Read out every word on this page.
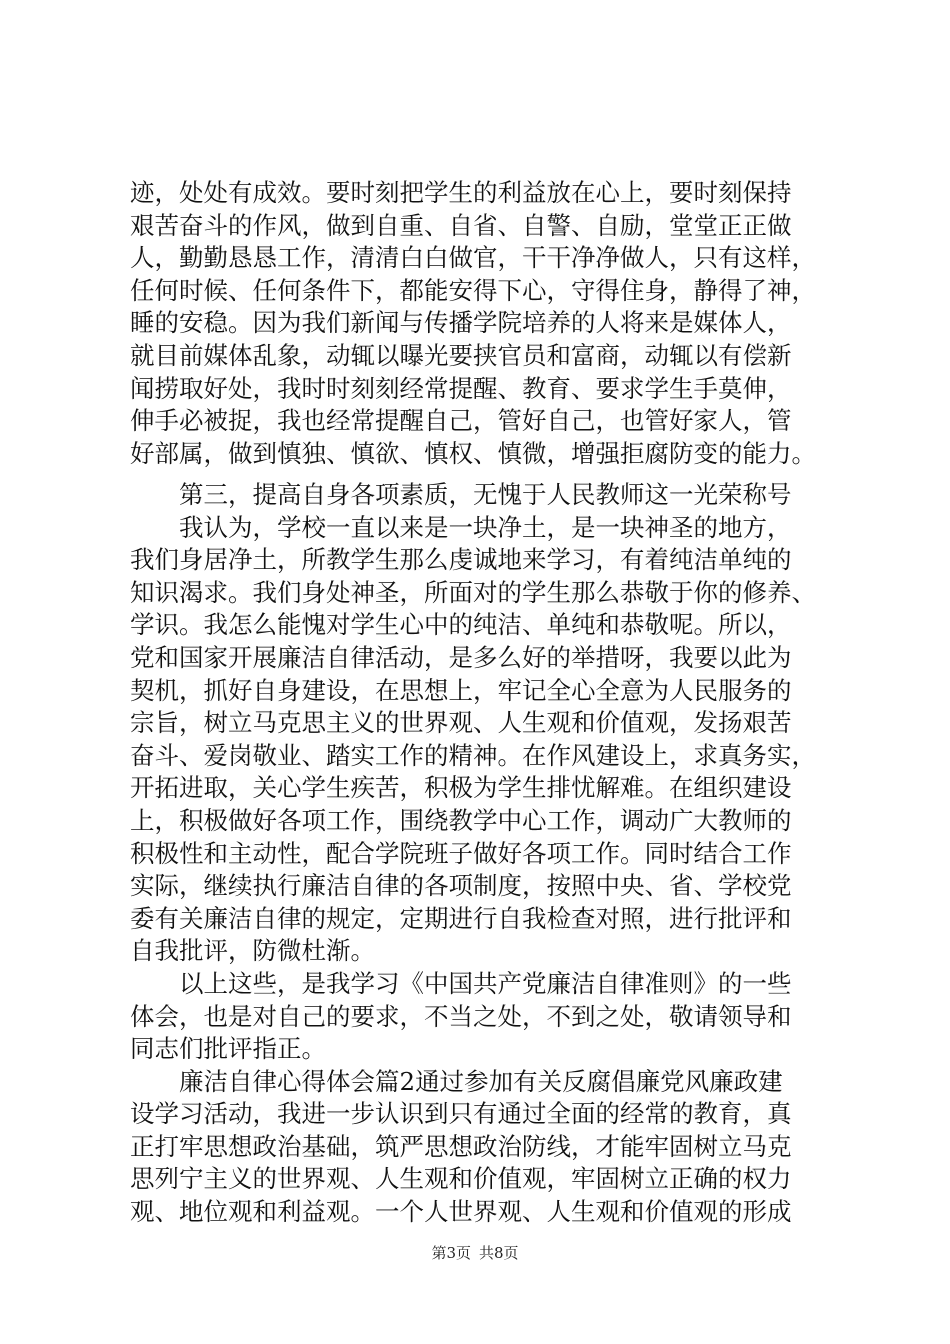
迹，处处有成效。要时刻把学生的利益放在心上，要时刻保持
艰苦奋斗的作风，做到自重、自省、自警、自励，堂堂正正做
人，勤勤恳恳工作，清清白白做官，干干净净做人，只有这样，
任何时候、任何条件下，都能安得下心，守得住身，静得了神，
睡的安稳。因为我们新闻与传播学院培养的人将来是媒体人，
就目前媒体乱象，动辄以曝光要挟官员和富商，动辄以有偿新
闻捞取好处，我时时刻刻经常提醒、教育、要求学生手莫伸，
伸手必被捉，我也经常提醒自己，管好自己，也管好家人，管
好部属，做到慎独、慎欲、慎权、慎微，增强拒腐防变的能力。
第三，提高自身各项素质，无愧于人民教师这一光荣称号
我认为，学校一直以来是一块净土，是一块神圣的地方，
我们身居净土，所教学生那么虔诚地来学习，有着纯洁单纯的
知识渴求。我们身处神圣，所面对的学生那么恭敬于你的修养、
学识。我怎么能愧对学生心中的纯洁、单纯和恭敬呢。所以，
党和国家开展廉洁自律活动，是多么好的举措呀，我要以此为
契机，抓好自身建设，在思想上，牢记全心全意为人民服务的
宗旨，树立马克思主义的世界观、人生观和价值观，发扬艰苦
奋斗、爱岗敬业、踏实工作的精神。在作风建设上，求真务实，
开拓进取，关心学生疾苦，积极为学生排忧解难。在组织建设
上，积极做好各项工作，围绕教学中心工作，调动广大教师的
积极性和主动性，配合学院班子做好各项工作。同时结合工作
实际，继续执行廉洁自律的各项制度，按照中央、省、学校党
委有关廉洁自律的规定，定期进行自我检查对照，进行批评和
自我批评，防微杜渐。
以上这些，是我学习《中国共产党廉洁自律准则》的一些
体会，也是对自己的要求，不当之处，不到之处，敬请领导和
同志们批评指正。
廉洁自律心得体会篇2通过参加有关反腐倡廉党风廉政建
设学习活动，我进一步认识到只有通过全面的经常的教育，真
正打牢思想政治基础，筑严思想政治防线，才能牢固树立马克
思列宁主义的世界观、人生观和价值观，牢固树立正确的权力
观、地位观和利益观。一个人世界观、人生观和价值观的形成
第3页 共8页
